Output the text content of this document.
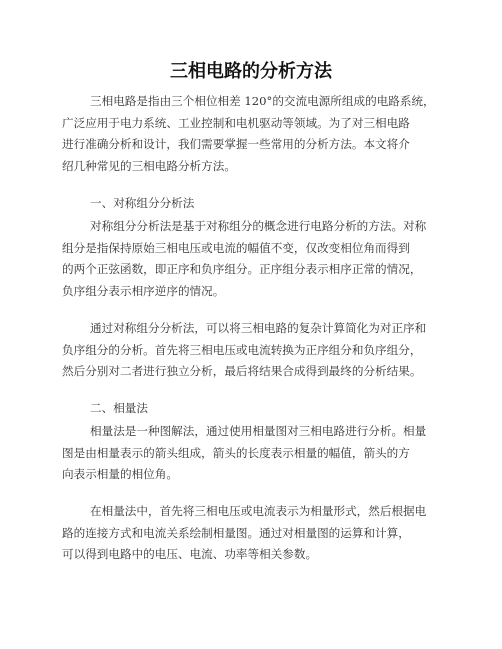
三相电路的分析方法
三相电路是指由三个相位相差 120°的交流电源所组成的电路系统，
广泛应用于电力系统、工业控制和电机驱动等领域。为了对三相电路
进行准确分析和设计，我们需要掌握一些常用的分析方法。本文将介
绍几种常见的三相电路分析方法。
一、对称组分分析法
对称组分分析法是基于对称组分的概念进行电路分析的方法。对称
组分是指保持原始三相电压或电流的幅值不变，仅改变相位角而得到
的两个正弦函数，即正序和负序组分。正序组分表示相序正常的情况，
负序组分表示相序逆序的情况。
通过对称组分分析法，可以将三相电路的复杂计算简化为对正序和
负序组分的分析。首先将三相电压或电流转换为正序组分和负序组分，
然后分别对二者进行独立分析，最后将结果合成得到最终的分析结果。
二、相量法
相量法是一种图解法，通过使用相量图对三相电路进行分析。相量
图是由相量表示的箭头组成，箭头的长度表示相量的幅值，箭头的方
向表示相量的相位角。
在相量法中，首先将三相电压或电流表示为相量形式，然后根据电
路的连接方式和电流关系绘制相量图。通过对相量图的运算和计算，
可以得到电路中的电压、电流、功率等相关参数。
